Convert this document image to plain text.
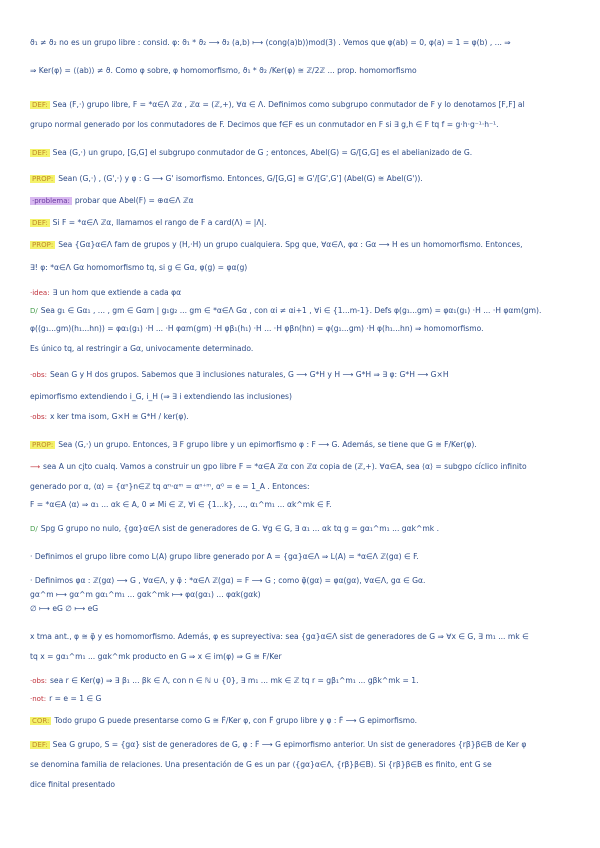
ϑ₁ ≠ ϑ₂ no es un grupo libre : consid. φ: ϑ₁ * ϑ₂ ⟶ ϑ₂ (a,b) ⟼ (cong(a)b))mod(3) . Vemos que φ(ab) = 0, φ(a) = 1 = φ(b) , ... ⇒
⇒ Ker(φ) = ⟨⟨ab⟩⟩ ≠ ϑ. Como φ sobre, φ homomorfismo, ϑ₁ * ϑ₂ /Ker(φ) ≅ ℤ/2ℤ ... prop. homomorfismo
DEF: Sea (F,·) grupo libre, F = *α∈Λ ℤα , ℤα = (ℤ,+), ∀α ∈ Λ. Definimos como subgrupo conmutador de F y lo denotamos [F,F] al
grupo normal generado por los conmutadores de F. Decimos que f∈F es un conmutador en F si ∃ g,h ∈ F tq f = g·h·g⁻¹·h⁻¹.
DEF: Sea (G,·) un grupo, [G,G] el subgrupo conmutador de G ; entonces, Abel(G) = G/[G,G] es el abelianizado de G.
PROP: Sean (G,·) , (G',·) y φ : G ⟶ G' isomorfismo. Entonces, G/[G,G] ≅ G'/[G',G'] (Abel(G) ≅ Abel(G')).
·problema: probar que Abel(F) = ⊕α∈Λ ℤα
DEF: Si F = *α∈Λ ℤα, llamamos el rango de F a card(Λ) = |Λ|.
PROP: Sea {Gα}α∈Λ fam de grupos y (H,·H) un grupo cualquiera. Spg que, ∀α∈Λ, φα : Gα ⟶ H es un homomorfismo. Entonces,
∃! φ: *α∈Λ Gα homomorfismo tq, si g ∈ Gα, φ(g) = φα(g)
·idea: ∃ un hom que extiende a cada φα
D/ Sea g₁ ∈ Gα₁ , ... , gm ∈ Gαm | g₁g₂ ... gm ∈ *α∈Λ Gα , con αi ≠ αi+1 , ∀i ∈ {1...m-1}. Defs φ(g₁...gm) = φα₁(g₁) ·H ... ·H φαm(gm).
φ((g₁...gm)(h₁...hn)) = φα₁(g₁) ·H ... ·H φαm(gm) ·H φβ₁(h₁) ·H ... ·H φβn(hn) = φ(g₁...gm) ·H φ(h₁...hn) ⇒ homomorfismo.
Es único tq, al restringir a Gα, univocamente determinado.
·obs: Sean G y H dos grupos. Sabemos que ∃ inclusiones naturales, G ⟶ G*H y H ⟶ G*H ⇒ ∃ φ: G*H ⟶ G×H
epimorfismo extendiendo i_G, i_H (⇒ ∃ i extendiendo las inclusiones)
·obs: x ker tma isom, G×H ≅ G*H / ker(φ).
PROP: Sea (G,·) un grupo. Entonces, ∃ F grupo libre y un epimorfismo φ : F ⟶ G. Además, se tiene que G ≅ F/Ker(φ).
⟶ sea A un cjto cualq. Vamos a construir un gpo libre F = *α∈A ℤα con ℤα copia de (ℤ,+). ∀α∈A, sea ⟨α⟩ = subgpo cíclico infinito
generado por α, ⟨α⟩ = {αⁿ}n∈ℤ tq αⁿ·αᵐ = αⁿ⁺ᵐ, α⁰ = e = 1_A . Entonces:
F = *α∈A ⟨α⟩ ⇒ α₁ ... αk ∈ A, 0 ≠ Mi ∈ ℤ, ∀i ∈ {1...k}, ..., α₁^m₁ ... αk^mk ∈ F.
D/ Spg G grupo no nulo, {gα}α∈Λ sist de generadores de G. ∀g ∈ G, ∃ α₁ ... αk tq g = gα₁^m₁ ... gαk^mk .
· Definimos el grupo libre como L(A) grupo libre generado por A = {gα}α∈Λ ⇒ L(A) = *α∈Λ ℤ(gα) ∈ F.
· Definimos φα : ℤ(gα) ⟶ G , ∀α∈Λ, y φ̃ : *α∈Λ ℤ(gα) = F ⟶ G ; como φ̃(gα) = φα(gα), ∀α∈Λ, gα ∈ Gα.
gα^m ⟼ gα^m gα₁^m₁ ... gαk^mk ⟼ φα(gα₁) ... φαk(gαk)
∅ ⟼ eG ∅ ⟼ eG
x tma ant., φ ≅ φ̃ y es homomorfismo. Además, φ es supreyectiva: sea {gα}α∈Λ sist de generadores de G ⇒ ∀x ∈ G, ∃ m₁ ... mk ∈
tq x = gα₁^m₁ ... gαk^mk producto en G ⇒ x ∈ im(φ) ⇒ G ≅ F/Ker
·obs: sea r ∈ Ker(φ) ⇒ ∃ β₁ ... βk ∈ Λ, con n ∈ ℕ ∪ {0}, ∃ m₁ ... mk ∈ ℤ tq r = gβ₁^m₁ ... gβk^mk = 1.
·not: r = e = 1 ∈ G
COR: Todo grupo G puede presentarse como G ≅ F̃/Ker φ, con F̃ grupo libre y φ : F̃ ⟶ G epimorfismo.
DEF: Sea G grupo, S = {gα} sist de generadores de G, φ : F̃ ⟶ G epimorfismo anterior. Un sist de generadores {rβ}β∈B de Ker φ
se denomina familia de relaciones. Una presentación de G es un par ⟨{gα}α∈Λ, {rβ}β∈B⟩. Si {rβ}β∈B es finito, ent G se
dice finital presentado
